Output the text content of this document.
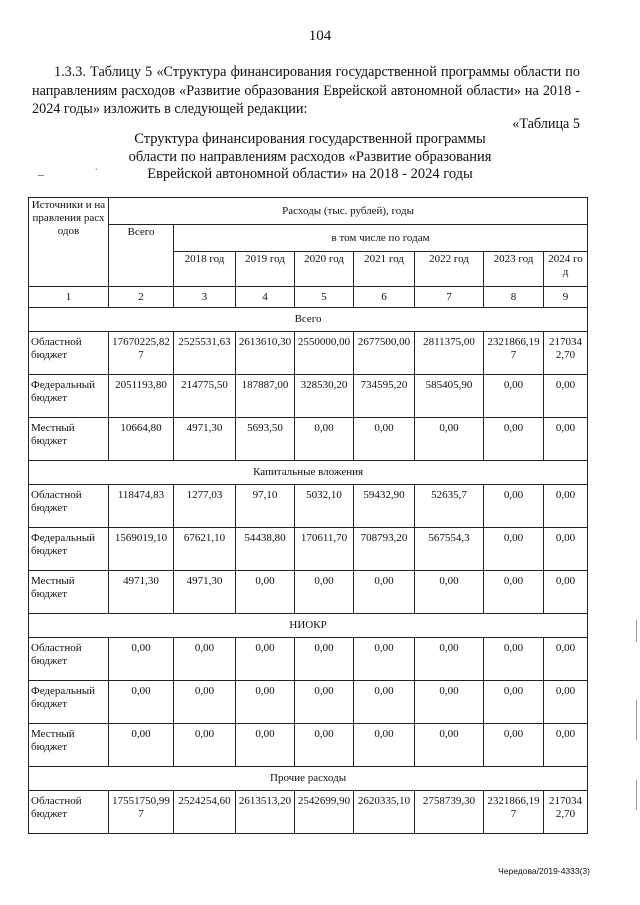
104
1.3.3. Таблицу 5 «Структура финансирования государственной программы области по направлениям расходов «Развитие образования Еврейской автономной области» на 2018 - 2024 годы» изложить в следующей редакции:
«Таблица 5
Структура финансирования государственной программы
области по направлениям расходов «Развитие образования
Еврейской автономной области» на 2018 - 2024 годы
–	`
Источники и направления расходов	Расходы (тыс. рублей), годы							
	Всего	в том числе по годам						
		2018 год	2019 год	2020 год	2021 год	2022 год	2023 год	2024 год
1	2	3	4	5	6	7	8	9
Всего								
Областной бюджет	17670225,827	2525531,63	2613610,30	2550000,00	2677500,00	2811375,00	2321866,197	2170342,70
Федеральный бюджет	2051193,80	214775,50	187887,00	328530,20	734595,20	585405,90	0,00	0,00
Местный бюджет	10664,80	4971,30	5693,50	0,00	0,00	0,00	0,00	0,00
Капитальные вложения								
Областной бюджет	118474,83	1277,03	97,10	5032,10	59432,90	52635,7	0,00	0,00
Федеральный бюджет	1569019,10	67621,10	54438,80	170611,70	708793,20	567554,3	0,00	0,00
Местный бюджет	4971,30	4971,30	0,00	0,00	0,00	0,00	0,00	0,00
НИОКР								
Областной бюджет	0,00	0,00	0,00	0,00	0,00	0,00	0,00	0,00
Федеральный бюджет	0,00	0,00	0,00	0,00	0,00	0,00	0,00	0,00
Местный бюджет	0,00	0,00	0,00	0,00	0,00	0,00	0,00	0,00
Прочие расходы								
Областной бюджет	17551750,997	2524254,60	2613513,20	2542699,90	2620335,10	2758739,30	2321866,197	2170342,70
Чередова/2019-4333(3)
